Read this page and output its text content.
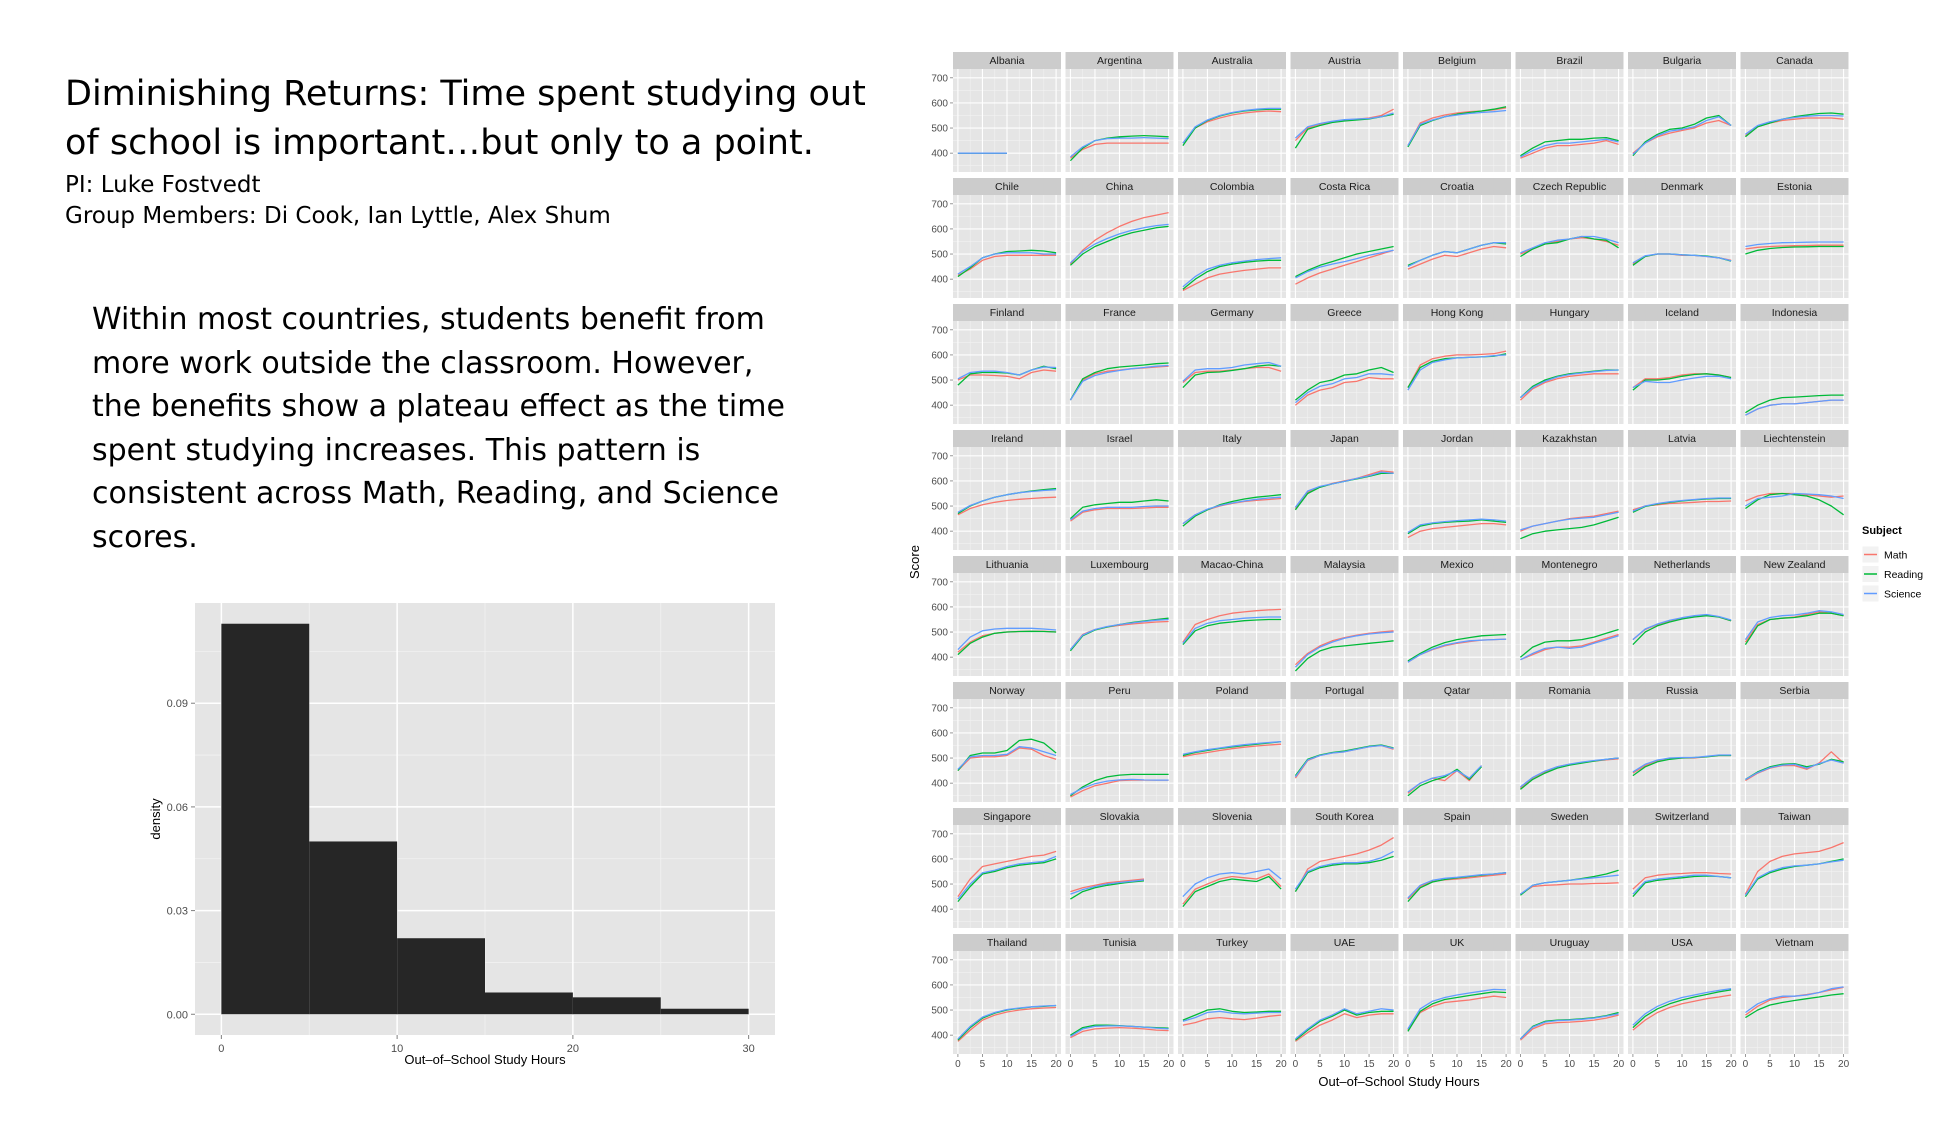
Diminishing Returns: Time spent studying out of school is important…but only to a point.
PI: Luke Fostvedt
Group Members: Di Cook, Ian Lyttle, Alex Shum
Within most countries, students benefit from more work outside the classroom. However, the benefits show a plateau effect as the time spent studying increases. This pattern is consistent across Math, Reading, and Science scores.
0.00
0.03
0.06
0.09
0	10	20	30
Out–of–School Study Hours
density
Albania
400
500
600
700
Argentina	Australia	Austria	Belgium	Brazil	Bulgaria	Canada
Chile
400
500
600
700
China	Colombia	Costa Rica	Croatia	Czech Republic	Denmark	Estonia
Finland
400
500
600
700
France	Germany	Greece	Hong Kong	Hungary	Iceland	Indonesia
Ireland
400
500
600
700
Israel	Italy	Japan	Jordan	Kazakhstan	Latvia	Liechtenstein
Lithuania
400
500
600
700
Luxembourg	Macao-China	Malaysia	Mexico	Montenegro	Netherlands	New Zealand
Norway
400
500
600
700
Peru	Poland	Portugal	Qatar	Romania	Russia	Serbia
Singapore
400
500
600
700
Slovakia	Slovenia	South Korea	Spain	Sweden	Switzerland	Taiwan
Thailand
400
500
600
700
0 5 10 15 20
Tunisia
0 5 10 15 20
Turkey
0 5 10 15 20
UAE
0 5 10 15 20
UK
0 5 10 15 20
Uruguay
0 5 10 15 20
USA
0 5 10 15 20
Vietnam
0 5 10 15 20
Out–of–School Study Hours
Score
Subject
Math
Reading
Science
